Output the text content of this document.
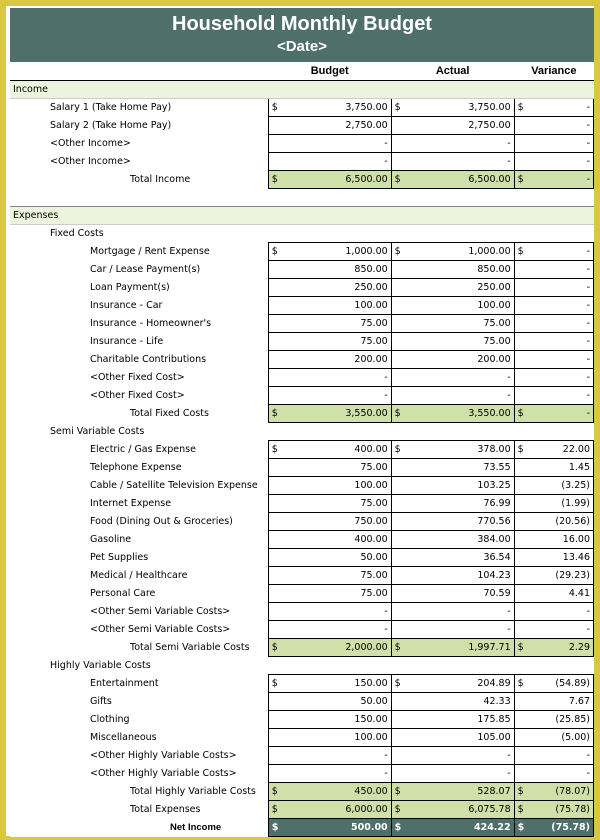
Household Monthly Budget
<Date>
	Budget		Actual		Variance	
Income						
Salary 1 (Take Home Pay)	$	3,750.00	$	3,750.00	$	-
Salary 2 (Take Home Pay)		2,750.00		2,750.00		-
<Other Income>		-		-		-
<Other Income>		-		-		-
Total Income	$	6,500.00	$	6,500.00	$	-

Expenses						
Fixed Costs						
Mortgage / Rent Expense	$	1,000.00	$	1,000.00	$	-
Car / Lease Payment(s)		850.00		850.00		-
Loan Payment(s)		250.00		250.00		-
Insurance - Car		100.00		100.00		-
Insurance - Homeowner's		75.00		75.00		-
Insurance - Life		75.00		75.00		-
Charitable Contributions		200.00		200.00		-
<Other Fixed Cost>		-		-		-
<Other Fixed Cost>		-		-		-
Total Fixed Costs	$	3,550.00	$	3,550.00	$	-
Semi Variable Costs						
Electric / Gas Expense	$	400.00	$	378.00	$	22.00
Telephone Expense		75.00		73.55		1.45
Cable / Satellite Television Expense		100.00		103.25		(3.25)
Internet Expense		75.00		76.99		(1.99)
Food (Dining Out & Groceries)		750.00		770.56		(20.56)
Gasoline		400.00		384.00		16.00
Pet Supplies		50.00		36.54		13.46
Medical / Healthcare		75.00		104.23		(29.23)
Personal Care		75.00		70.59		4.41
<Other Semi Variable Costs>		-		-		-
<Other Semi Variable Costs>		-		-		-
Total Semi Variable Costs	$	2,000.00	$	1,997.71	$	2.29
Highly Variable Costs						
Entertainment	$	150.00	$	204.89	$	(54.89)
Gifts		50.00		42.33		7.67
Clothing		150.00		175.85		(25.85)
Miscellaneous		100.00		105.00		(5.00)
<Other Highly Variable Costs>		-		-		-
<Other Highly Variable Costs>		-		-		-
Total Highly Variable Costs	$	450.00	$	528.07	$	(78.07)
Total Expenses	$	6,000.00	$	6,075.78	$	(75.78)
Net Income	$	500.00	$	424.22	$	(75.78)
